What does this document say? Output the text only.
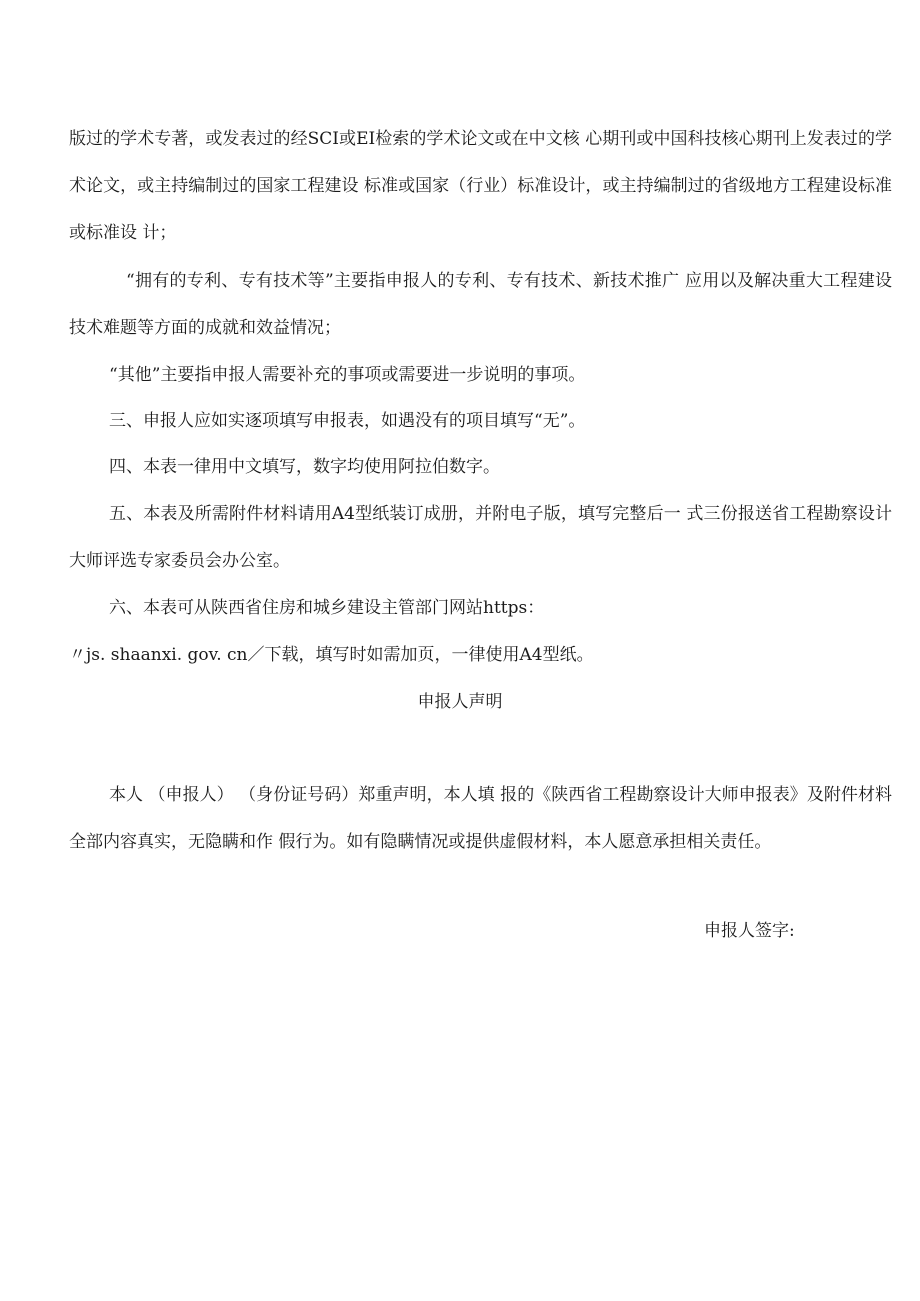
版过的学术专著，或发表过的经SCI或EI检索的学术论文或在中文核 心期刊或中国科技核心期刊上发表过的学术论文，或主持编制过的国家工程建设 标准或国家（行业）标准设计，或主持编制过的省级地方工程建设标准或标准设 计；

“拥有的专利、专有技术等”主要指申报人的专利、专有技术、新技术推广 应用以及解决重大工程建设技术难题等方面的成就和效益情况；

“其他”主要指申报人需要补充的事项或需要进一步说明的事项。

三、申报人应如实逐项填写申报表，如遇没有的项目填写“无”。

四、本表一律用中文填写，数字均使用阿拉伯数字。

五、本表及所需附件材料请用A4型纸装订成册，并附电子版，填写完整后一 式三份报送省工程勘察设计大师评选专家委员会办公室。

六、本表可从陕西省住房和城乡建设主管部门网站https：

〃js. shaanxi. gov. cn／下载，填写时如需加页，一律使用A4型纸。

申报人声明

本人 （申报人） （身份证号码）郑重声明，本人填 报的《陕西省工程勘察设计大师申报表》及附件材料全部内容真实，无隐瞒和作 假行为。如有隐瞒情况或提供虚假材料，本人愿意承担相关责任。

申报人签字:
